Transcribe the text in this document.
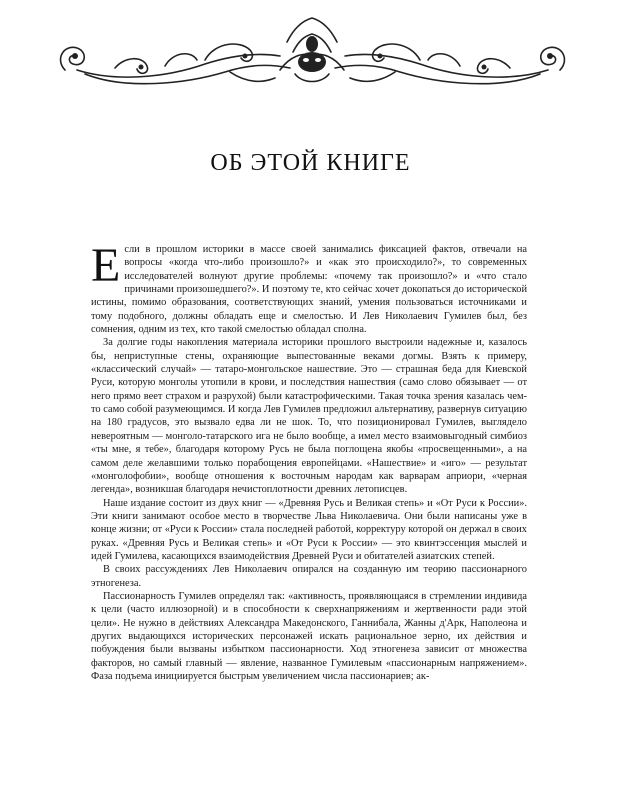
ОБ ЭТОЙ КНИГЕ

Если в прошлом историки в массе своей занимались фиксацией фактов, отвечали на вопросы «когда что-либо произошло?» и «как это происходило?», то современных исследователей волнуют другие проблемы: «почему так произошло?» и «что стало причинами произошедшего?». И поэтому те, кто сейчас хочет докопаться до исторической истины, помимо образования, соответствующих знаний, умения пользоваться источниками и тому подобного, должны обладать еще и смелостью. И Лев Николаевич Гумилев был, без сомнения, одним из тех, кто такой смелостью обладал сполна.

За долгие годы накопления материала историки прошлого выстроили надежные и, казалось бы, неприступные стены, охраняющие выпестованные веками догмы. Взять к примеру, «классический случай» — татаро-монгольское нашествие. Это — страшная беда для Киевской Руси, которую монголы утопили в крови, и последствия нашествия (само слово обязывает — от него прямо веет страхом и разрухой) были катастрофическими. Такая точка зрения казалась чем-то само собой разумеющимся. И когда Лев Гумилев предложил альтернативу, развернув ситуацию на 180 градусов, это вызвало едва ли не шок. То, что позиционировал Гумилев, выглядело невероятным — монголо-татарского ига не было вообще, а имел место взаимовыгодный симбиоз «ты мне, я тебе», благодаря которому Русь не была поглощена якобы «просвещенными», а на самом деле желавшими только порабощения европейцами. «Нашествие» и «иго» — результат «монголофобии», вообще отношения к восточным народам как варварам априори, «черная легенда», возникшая благодаря нечистоплотности древних летописцев.

Наше издание состоит из двух книг — «Древняя Русь и Великая степь» и «От Руси к России». Эти книги занимают особое место в творчестве Льва Николаевича. Они были написаны уже в конце жизни; от «Руси к России» стала последней работой, корректуру которой он держал в своих руках. «Древняя Русь и Великая степь» и «От Руси к России» — это квинтэссенция мыслей и идей Гумилева, касающихся взаимодействия Древней Руси и обитателей азиатских степей.

В своих рассуждениях Лев Николаевич опирался на созданную им теорию пассионарного этногенеза.

Пассионарность Гумилев определял так: «активность, проявляющаяся в стремлении индивида к цели (часто иллюзорной) и в способности к сверхнапряжениям и жертвенности ради этой цели». Не нужно в действиях Александра Македонского, Ганнибала, Жанны д'Арк, Наполеона и других выдающихся исторических персонажей искать рациональное зерно, их действия и побуждения были вызваны избытком пассионарности. Ход этногенеза зависит от множества факторов, но самый главный — явление, названное Гумилевым «пассионарным напряжением». Фаза подъема инициируется быстрым увеличением числа пассионариев; ак-
